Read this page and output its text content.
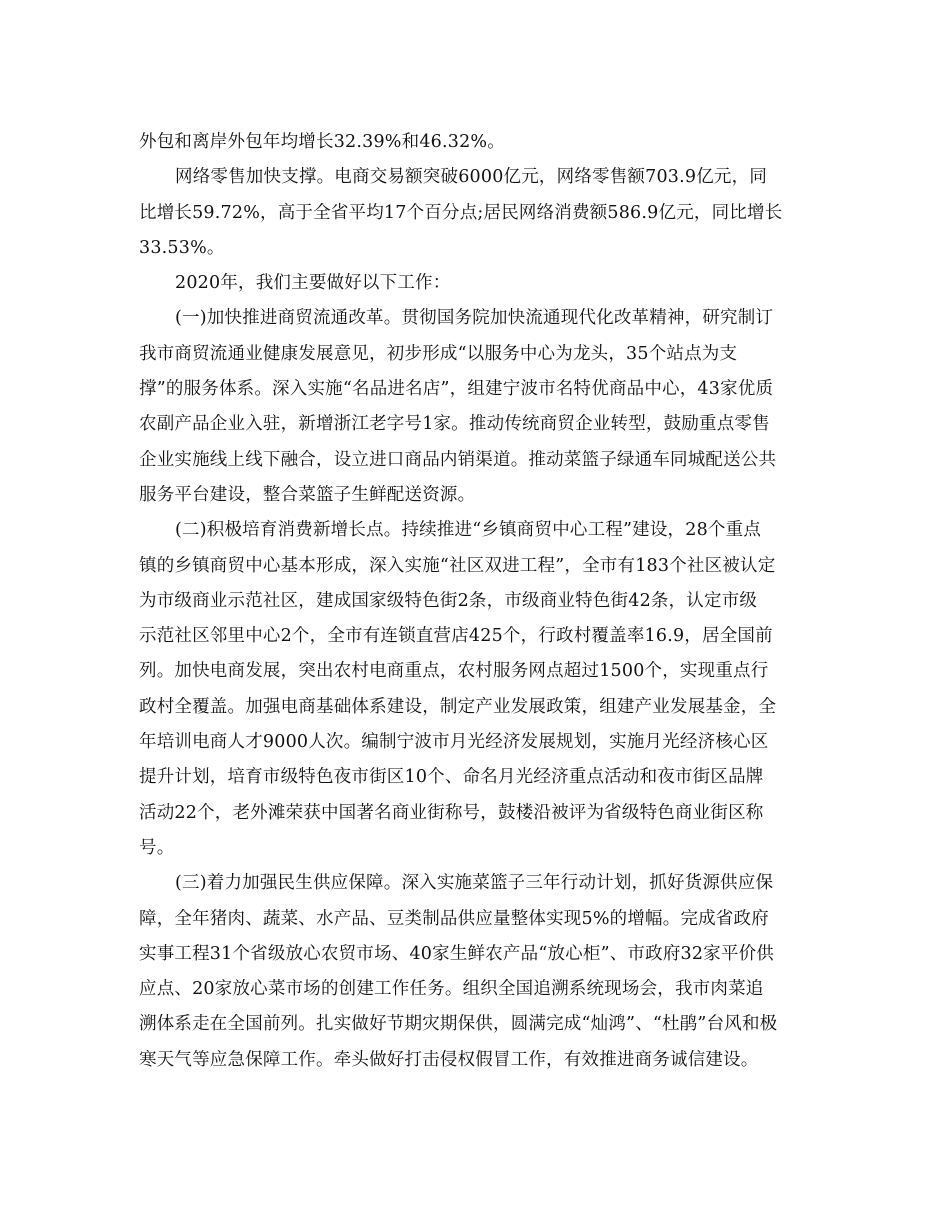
外包和离岸外包年均增长32.39%和46.32%。
网络零售加快支撑。电商交易额突破6000亿元，网络零售额703.9亿元，同
比增长59.72%，高于全省平均17个百分点;居民网络消费额586.9亿元，同比增长
33.53%。
2020年，我们主要做好以下工作：
(一)加快推进商贸流通改革。贯彻国务院加快流通现代化改革精神，研究制订
我市商贸流通业健康发展意见，初步形成“以服务中心为龙头，35个站点为支
撑”的服务体系。深入实施“名品进名店”，组建宁波市名特优商品中心，43家优质
农副产品企业入驻，新增浙江老字号1家。推动传统商贸企业转型，鼓励重点零售
企业实施线上线下融合，设立进口商品内销渠道。推动菜篮子绿通车同城配送公共
服务平台建设，整合菜篮子生鲜配送资源。
(二)积极培育消费新增长点。持续推进“乡镇商贸中心工程”建设，28个重点
镇的乡镇商贸中心基本形成，深入实施“社区双进工程”，全市有183个社区被认定
为市级商业示范社区，建成国家级特色街2条，市级商业特色街42条，认定市级
示范社区邻里中心2个，全市有连锁直营店425个，行政村覆盖率16.9，居全国前
列。加快电商发展，突出农村电商重点，农村服务网点超过1500个，实现重点行
政村全覆盖。加强电商基础体系建设，制定产业发展政策，组建产业发展基金，全
年培训电商人才9000人次。编制宁波市月光经济发展规划，实施月光经济核心区
提升计划，培育市级特色夜市街区10个、命名月光经济重点活动和夜市街区品牌
活动22个，老外滩荣获中国著名商业街称号，鼓楼沿被评为省级特色商业街区称
号。
(三)着力加强民生供应保障。深入实施菜篮子三年行动计划，抓好货源供应保
障，全年猪肉、蔬菜、水产品、豆类制品供应量整体实现5%的增幅。完成省政府
实事工程31个省级放心农贸市场、40家生鲜农产品“放心柜”、市政府32家平价供
应点、20家放心菜市场的创建工作任务。组织全国追溯系统现场会，我市肉菜追
溯体系走在全国前列。扎实做好节期灾期保供，圆满完成“灿鸿”、“杜鹃”台风和极
寒天气等应急保障工作。牵头做好打击侵权假冒工作，有效推进商务诚信建设。
